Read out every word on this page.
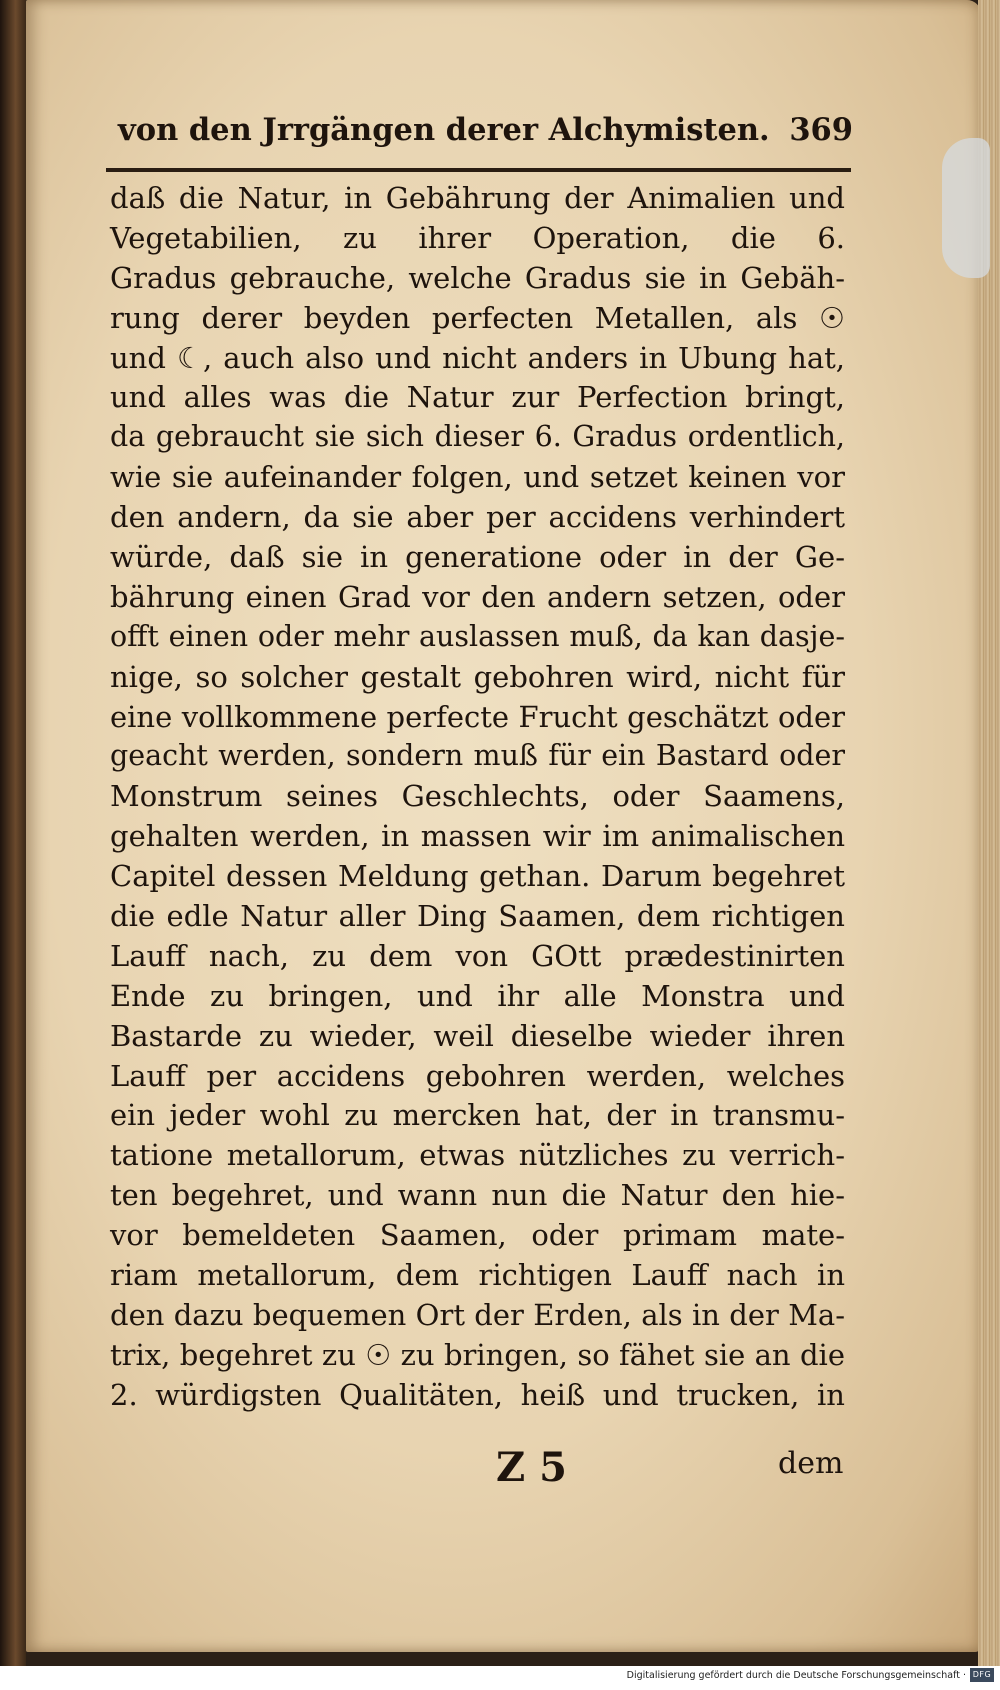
von den Jrrgängen derer Alchymisten. 369
daß die Natur, in Gebährung der Animalien und
Vegetabilien, zu ihrer Operation, die 6.
Gradus gebrauche, welche Gradus sie in Gebäh-
rung derer beyden perfecten Metallen, als ☉
und ☾, auch also und nicht anders in Ubung hat,
und alles was die Natur zur Perfection bringt,
da gebraucht sie sich dieser 6. Gradus ordentlich,
wie sie aufeinander folgen, und setzet keinen vor
den andern, da sie aber per accidens verhindert
würde, daß sie in generatione oder in der Ge-
bährung einen Grad vor den andern setzen, oder
offt einen oder mehr auslassen muß, da kan dasje-
nige, so solcher gestalt gebohren wird, nicht für
eine vollkommene perfecte Frucht geschätzt oder
geacht werden, sondern muß für ein Bastard oder
Monstrum seines Geschlechts, oder Saamens,
gehalten werden, in massen wir im animalischen
Capitel dessen Meldung gethan. Darum begehret
die edle Natur aller Ding Saamen, dem richtigen
Lauff nach, zu dem von GOtt prædestinirten
Ende zu bringen, und ihr alle Monstra und
Bastarde zu wieder, weil dieselbe wieder ihren
Lauff per accidens gebohren werden, welches
ein jeder wohl zu mercken hat, der in transmu-
tatione metallorum, etwas nützliches zu verrich-
ten begehret, und wann nun die Natur den hie-
vor bemeldeten Saamen, oder primam mate-
riam metallorum, dem richtigen Lauff nach in
den dazu bequemen Ort der Erden, als in der Ma-
trix, begehret zu ☉ zu bringen, so fähet sie an die
2. würdigsten Qualitäten, heiß und trucken, in
Z 5	dem
Digitalisierung gefördert durch die Deutsche Forschungsgemeinschaft · DFG
